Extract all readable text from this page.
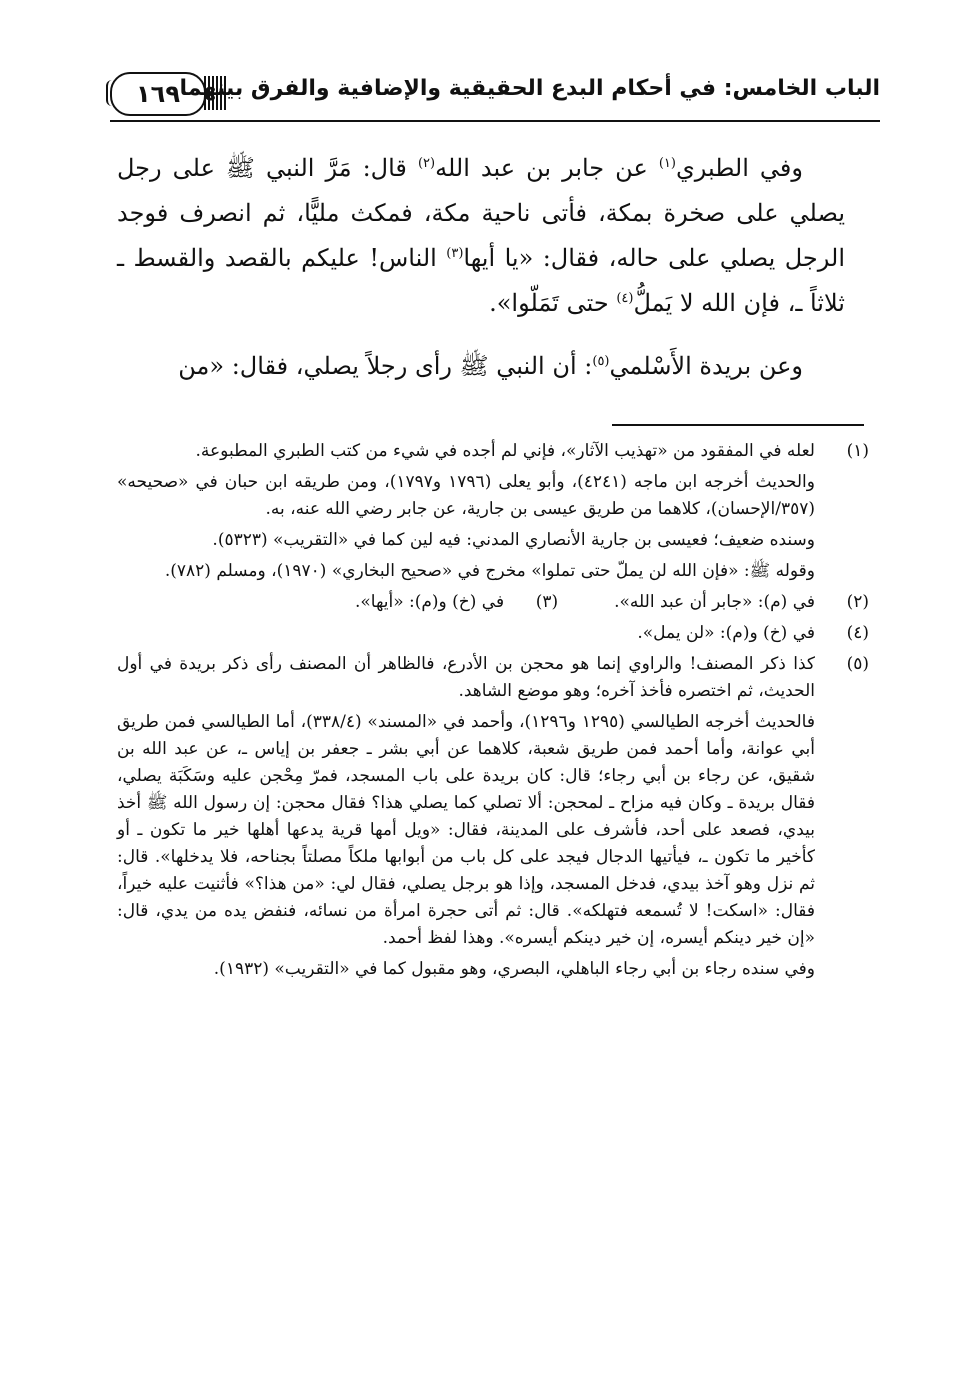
١٦٩ الباب الخامس: في أحكام البدع الحقيقية والإضافية والفرق بينهما

وفي الطبري$^{(١)}$ عن جابر بن عبد الله$^{(٢)}$ قال: مَرَّ النبي ﷺ على رجل يصلي على صخرة بمكة، فأتى ناحية مكة، فمكث مليًّا، ثم انصرف فوجد الرجل يصلي على حاله، فقال: «يا أيها$^{(٣)}$ الناس! عليكم بالقصد والقسط ـ ثلاثاً ـ، فإن الله لا يَملُّ$^{(٤)}$ حتى تَمَلّوا».

وعن بريدة الأَسْلمي$^{(٥)}$: أن النبي ﷺ رأى رجلاً يصلي، فقال: «من

(١)

لعله في المفقود من «تهذيب الآثار»، فإني لم أجده في شيء من كتب الطبري المطبوعة.

والحديث أخرجه ابن ماجه (٤٢٤١)، وأبو يعلى (١٧٩٦ و١٧٩٧)، ومن طريقه ابن حبان في «صحيحه» (٣٥٧/الإحسان)، كلاهما من طريق عيسى بن جارية، عن جابر رضي الله عنه، به.

وسنده ضعيف؛ فعيسى بن جارية الأنصاري المدني: فيه لين كما في «التقريب» (٥٣٢٣).

وقوله ﷺ: «فإن الله لن يملّ حتى تملوا» مخرج في «صحيح البخاري» (١٩٧٠)، ومسلم (٧٨٢).

(٢)
في (م): «جابر أن عبد الله».
(٣)
في (خ) و(م): «أيها».
(٤)

في (خ) و(م): «لن يمل».

(٥)

كذا ذكر المصنف! والراوي إنما هو محجن بن الأدرع، فالظاهر أن المصنف رأى ذكر بريدة في أول الحديث، ثم اختصره فأخذ آخره؛ وهو موضع الشاهد.

فالحديث أخرجه الطيالسي (١٢٩٥ و١٢٩٦)، وأحمد في «المسند» (٣٣٨/٤)، أما الطيالسي فمن طريق أبي عوانة، وأما أحمد فمن طريق شعبة، كلاهما عن أبي بشر ـ جعفر بن إياس ـ، عن عبد الله بن شقيق، عن رجاء بن أبي رجاء؛ قال: كان بريدة على باب المسجد، فمرّ مِحْجن عليه وسَكَبَة يصلي، فقال بريدة ـ وكان فيه مزاح ـ لمحجن: ألا تصلي كما يصلي هذا؟ فقال محجن: إن رسول الله ﷺ أخذ بيدي، فصعد على أحد، فأشرف على المدينة، فقال: «ويل أمها قرية يدعها أهلها خير ما تكون ـ أو كأخير ما تكون ـ، فيأتيها الدجال فيجد على كل باب من أبوابها ملكاً مصلتاً بجناحه، فلا يدخلها». قال: ثم نزل وهو آخذ بيدي، فدخل المسجد، وإذا هو برجل يصلي، فقال لي: «من هذا؟» فأثنيت عليه خيراً، فقال: «اسكت! لا تُسمعه فتهلكه». قال: ثم أتى حجرة امرأة من نسائه، فنفض يده من يدي، قال: «إن خير دينكم أيسره، إن خير دينكم أيسره». وهذا لفظ أحمد.

وفي سنده رجاء بن أبي رجاء الباهلي، البصري، وهو مقبول كما في «التقريب» (١٩٣٢).
